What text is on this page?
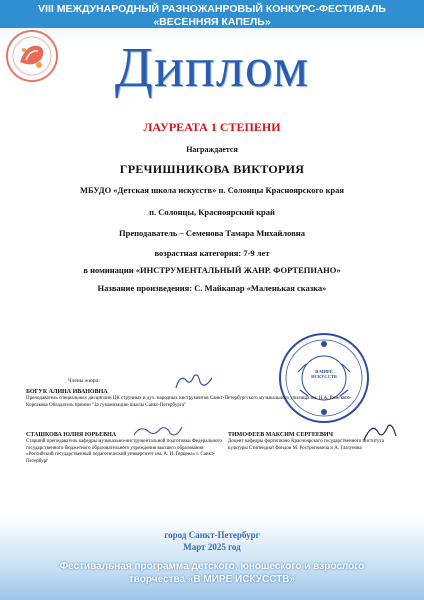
VIII МЕЖДУНАРОДНЫЙ РАЗНОЖАНРОВЫЙ КОНКУРС-ФЕСТИВАЛЬ
«ВЕСЕННЯЯ КАПЕЛЬ»
Диплом
ЛАУРЕАТА 1 СТЕПЕНИ
Награждается
ГРЕЧИШНИКОВА ВИКТОРИЯ
МБУДО «Детская школа искусств» п. Солонцы Красноярского края
п. Солонцы, Красноярский край
Преподаватель – Семенова Тамара Михайловна
возрастная категория: 7-9 лет
в номинации «ИНСТРУМЕНТАЛЬНЫЙ ЖАНР. ФОРТЕПИАНО»
Название произведения: С. Майкапар «Маленькая сказка»
В МИРЕ ИСКУССТВ
Члены жюри:
БОГУК АЛИНА ИВАНОВНА
Преподаватель специальных дисциплин ЦК струнных и дух. народных инструментов Санкт-Петербургского музыкального училища им. Н.А. Римского-Корсакова Обладатель премии "За гуманизацию школы Санкт-Петербурга"
СТАШКОВА ЮЛИЯ ЮРЬЕВНА
Старший преподаватель кафедры музыкально-инструментальной подготовки Федерального государственного бюджетного образовательного учреждения высшего образования «Российский государственный педагогический университет им. А. И. Герцена» г. Санкт-Петербург
ТИМОФЕЕВ МАКСИМ СЕРГЕЕВИЧ
Доцент кафедры фортепиано Красноярского государственного института культуры Стипендиат фондов М. Ростроповича и А. Глазунова
город Санкт-Петербург
Март 2025 год
Фестивальная программа детского, юношеского и взрослого
творчества «В МИРЕ ИСКУССТВ»
